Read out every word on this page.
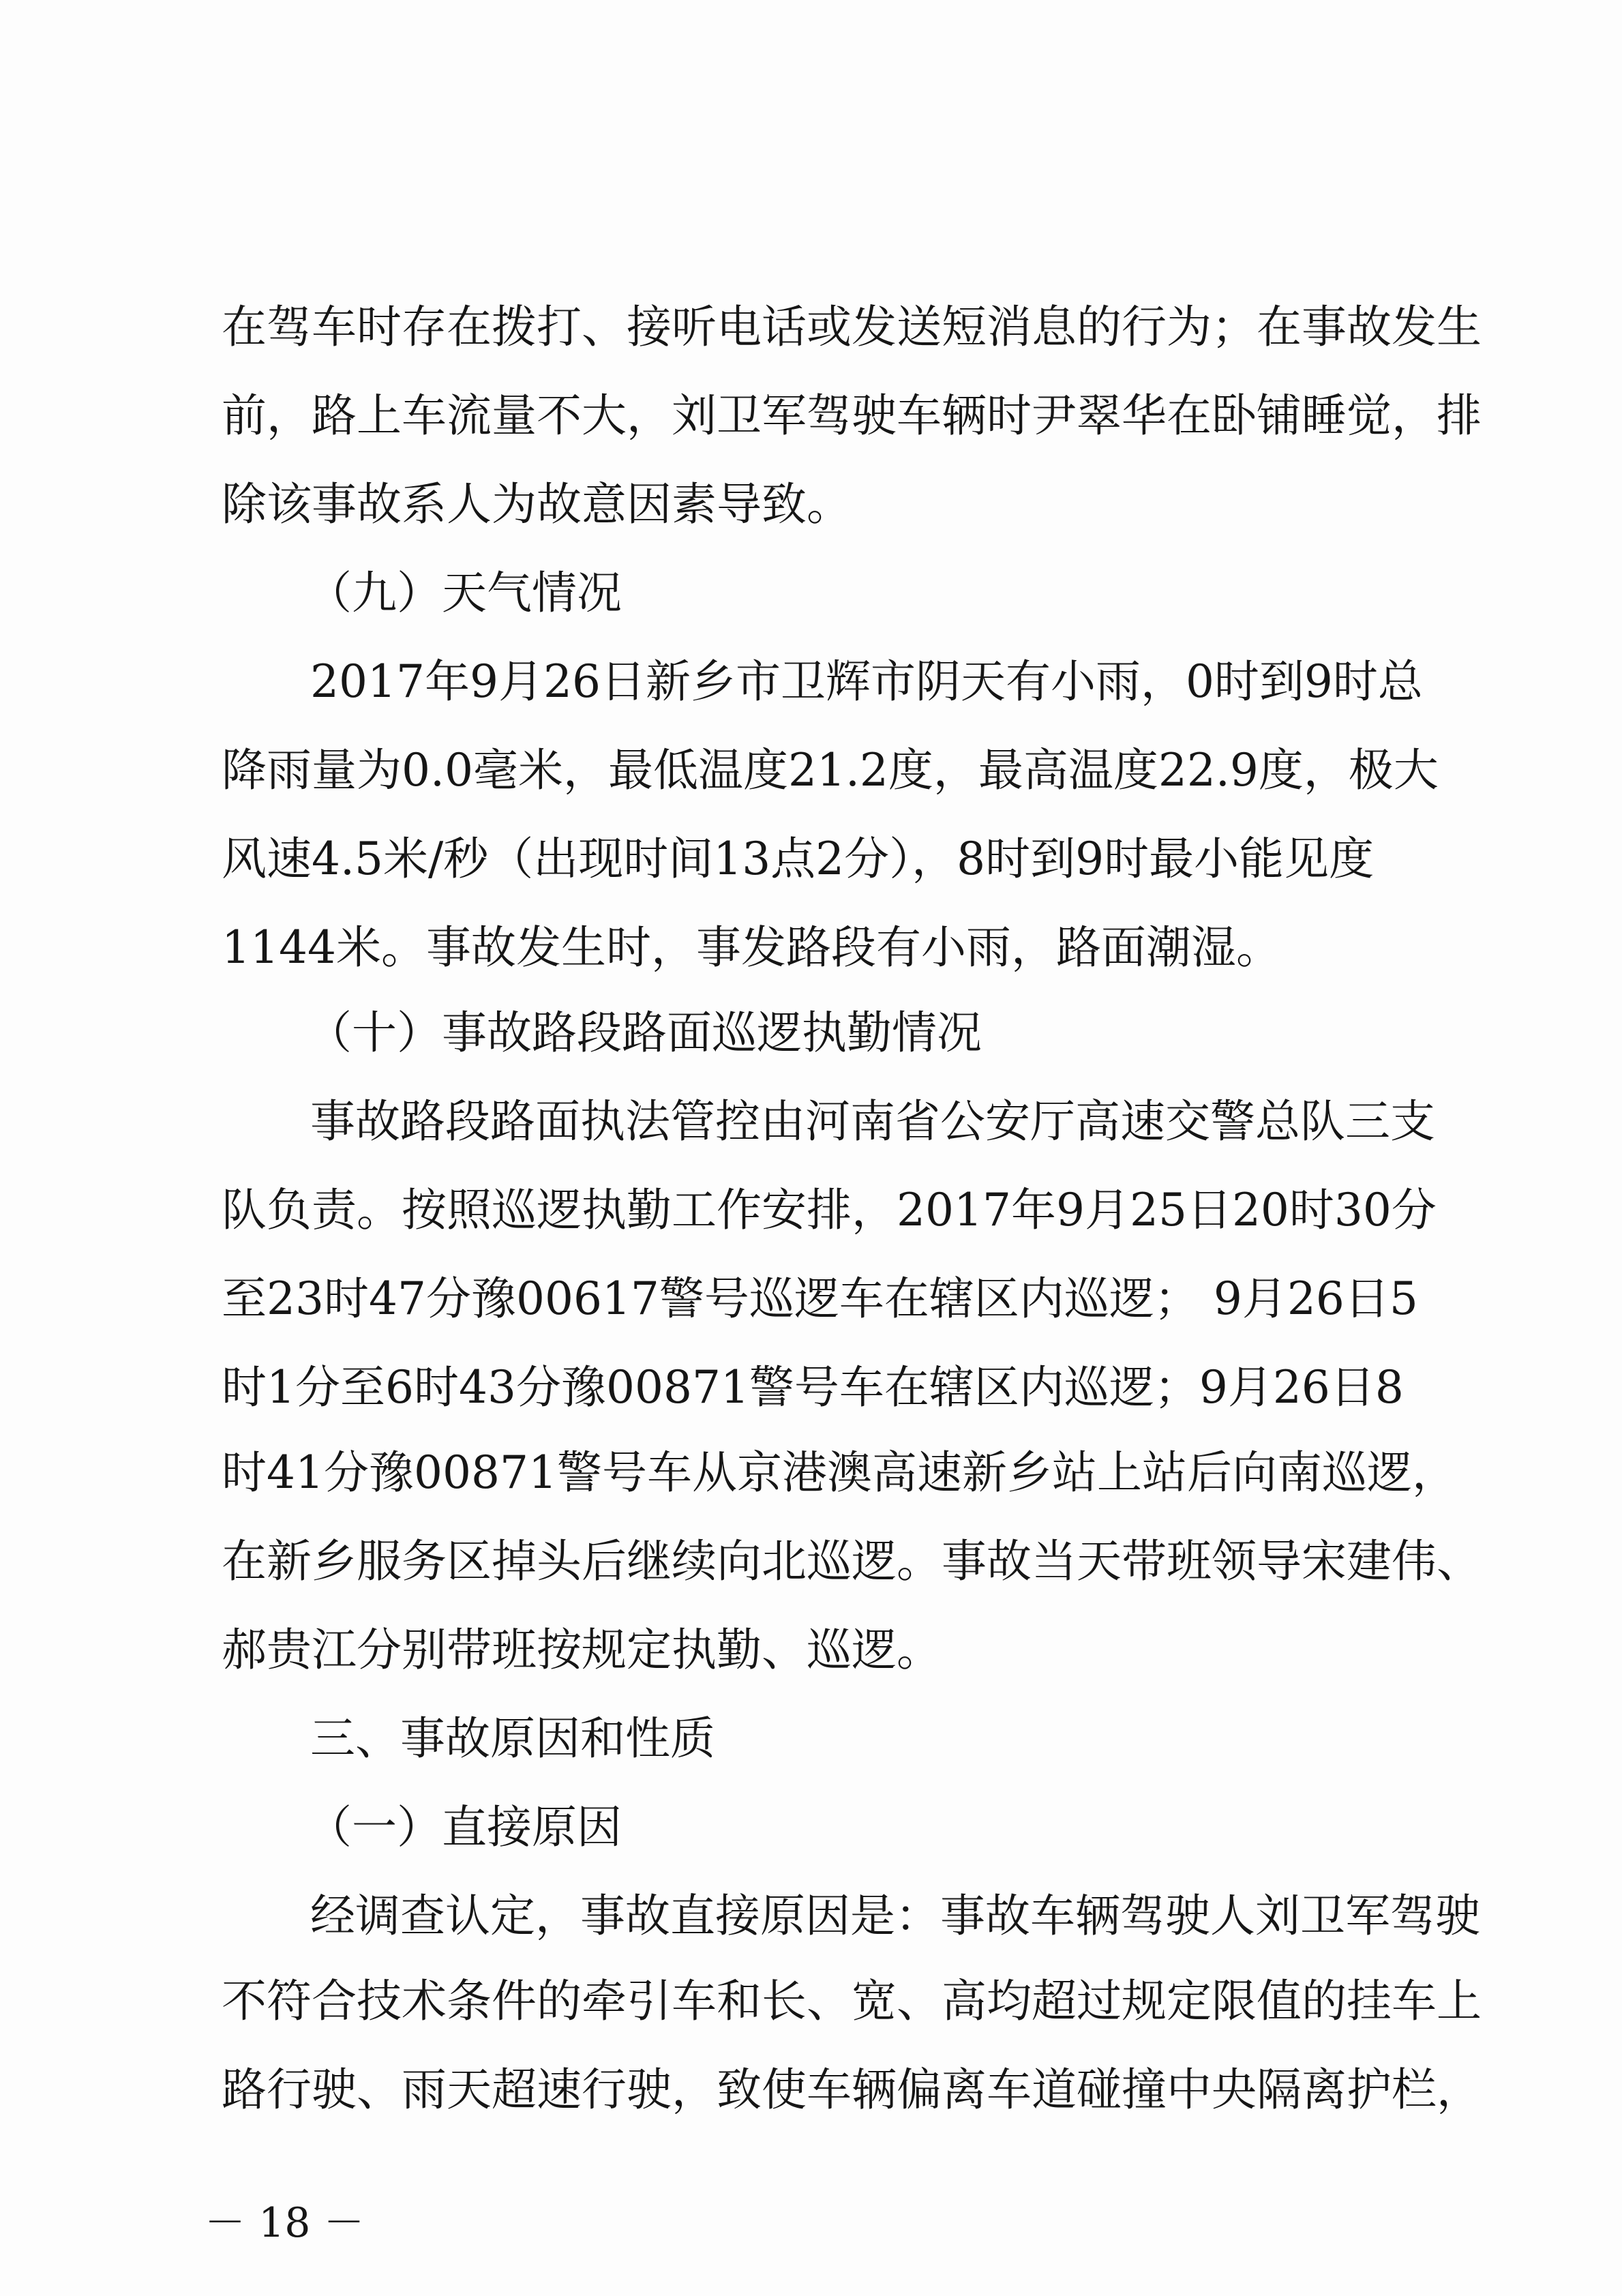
在驾车时存在拨打、接听电话或发送短消息的行为；在事故发生
前，路上车流量不大，刘卫军驾驶车辆时尹翠华在卧铺睡觉，排
除该事故系人为故意因素导致。
（九）天气情况
2017年9月26日新乡市卫辉市阴天有小雨，0时到9时总
降雨量为0.0毫米，最低温度21.2度，最高温度22.9度，极大
风速4.5米/秒（出现时间13点2分），8时到9时最小能见度
1144米。事故发生时，事发路段有小雨，路面潮湿。
（十）事故路段路面巡逻执勤情况
事故路段路面执法管控由河南省公安厅高速交警总队三支
队负责。按照巡逻执勤工作安排，2017年9月25日20时30分
至23时47分豫00617警号巡逻车在辖区内巡逻； 9月26日5
时1分至6时43分豫00871警号车在辖区内巡逻；9月26日8
时41分豫00871警号车从京港澳高速新乡站上站后向南巡逻，
在新乡服务区掉头后继续向北巡逻。事故当天带班领导宋建伟、
郝贵江分别带班按规定执勤、巡逻。
三、事故原因和性质
（一）直接原因
经调查认定，事故直接原因是：事故车辆驾驶人刘卫军驾驶
不符合技术条件的牵引车和长、宽、高均超过规定限值的挂车上
路行驶、雨天超速行驶，致使车辆偏离车道碰撞中央隔离护栏，
－ 18 －
